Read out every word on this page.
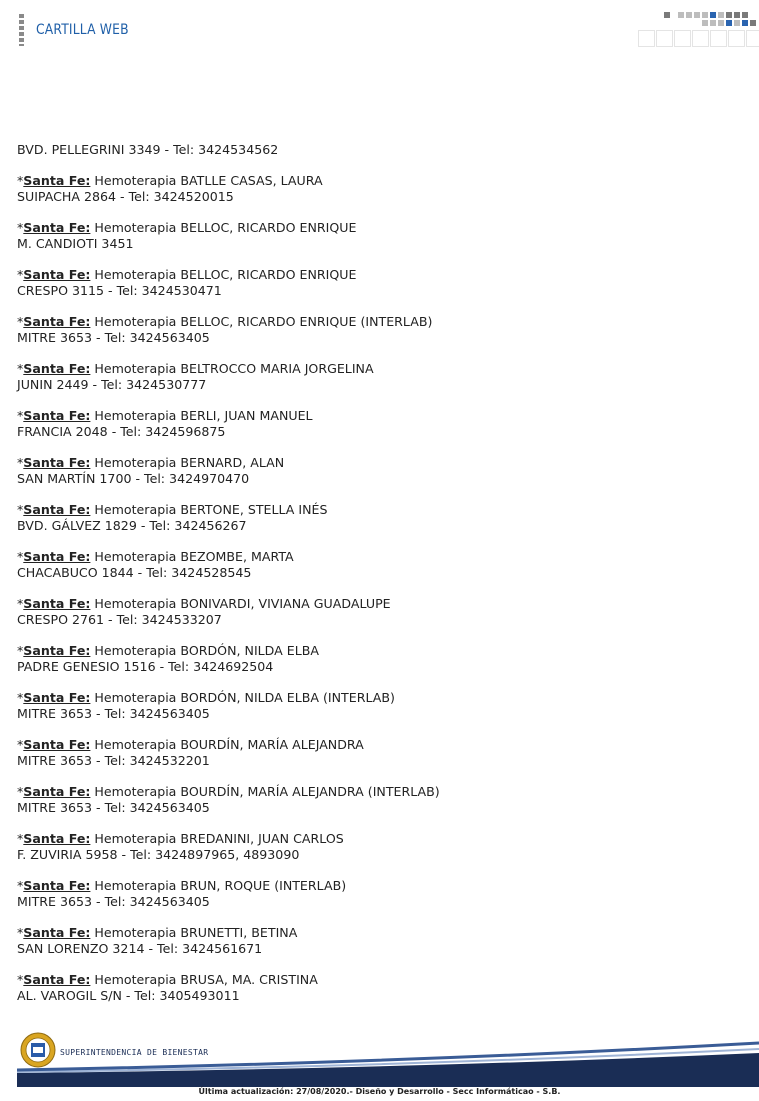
CARTILLA WEB
BVD. PELLEGRINI 3349 - Tel: 3424534562
*Santa Fe: Hemoterapia BATLLE CASAS, LAURA
SUIPACHA 2864 - Tel: 3424520015
*Santa Fe: Hemoterapia BELLOC, RICARDO ENRIQUE
M. CANDIOTI 3451
*Santa Fe: Hemoterapia BELLOC, RICARDO ENRIQUE
CRESPO 3115 - Tel: 3424530471
*Santa Fe: Hemoterapia BELLOC, RICARDO ENRIQUE (INTERLAB)
MITRE 3653 - Tel: 3424563405
*Santa Fe: Hemoterapia BELTROCCO MARIA JORGELINA
JUNIN 2449 - Tel: 3424530777
*Santa Fe: Hemoterapia BERLI, JUAN MANUEL
FRANCIA 2048 - Tel: 3424596875
*Santa Fe: Hemoterapia BERNARD, ALAN
SAN MARTÍN 1700 - Tel: 3424970470
*Santa Fe: Hemoterapia BERTONE, STELLA INÉS
BVD. GÁLVEZ 1829 - Tel: 342456267
*Santa Fe: Hemoterapia BEZOMBE, MARTA
CHACABUCO 1844 - Tel: 3424528545
*Santa Fe: Hemoterapia BONIVARDI, VIVIANA GUADALUPE
CRESPO 2761 - Tel: 3424533207
*Santa Fe: Hemoterapia BORDÓN, NILDA ELBA
PADRE GENESIO 1516 - Tel: 3424692504
*Santa Fe: Hemoterapia BORDÓN, NILDA ELBA (INTERLAB)
MITRE 3653 - Tel: 3424563405
*Santa Fe: Hemoterapia BOURDÍN, MARÍA ALEJANDRA
MITRE 3653 - Tel: 3424532201
*Santa Fe: Hemoterapia BOURDÍN, MARÍA ALEJANDRA (INTERLAB)
MITRE 3653 - Tel: 3424563405
*Santa Fe: Hemoterapia BREDANINI, JUAN CARLOS
F. ZUVIRIA 5958 - Tel: 3424897965, 4893090
*Santa Fe: Hemoterapia BRUN, ROQUE (INTERLAB)
MITRE 3653 - Tel: 3424563405
*Santa Fe: Hemoterapia BRUNETTI, BETINA
SAN LORENZO 3214 - Tel: 3424561671
*Santa Fe: Hemoterapia BRUSA, MA. CRISTINA
AL. VAROGIL S/N - Tel: 3405493011
SUPERINTENDENCIA DE BIENESTAR
Última actualización: 27/08/2020.- Diseño y Desarrollo - Secc Informáticao - S.B.
